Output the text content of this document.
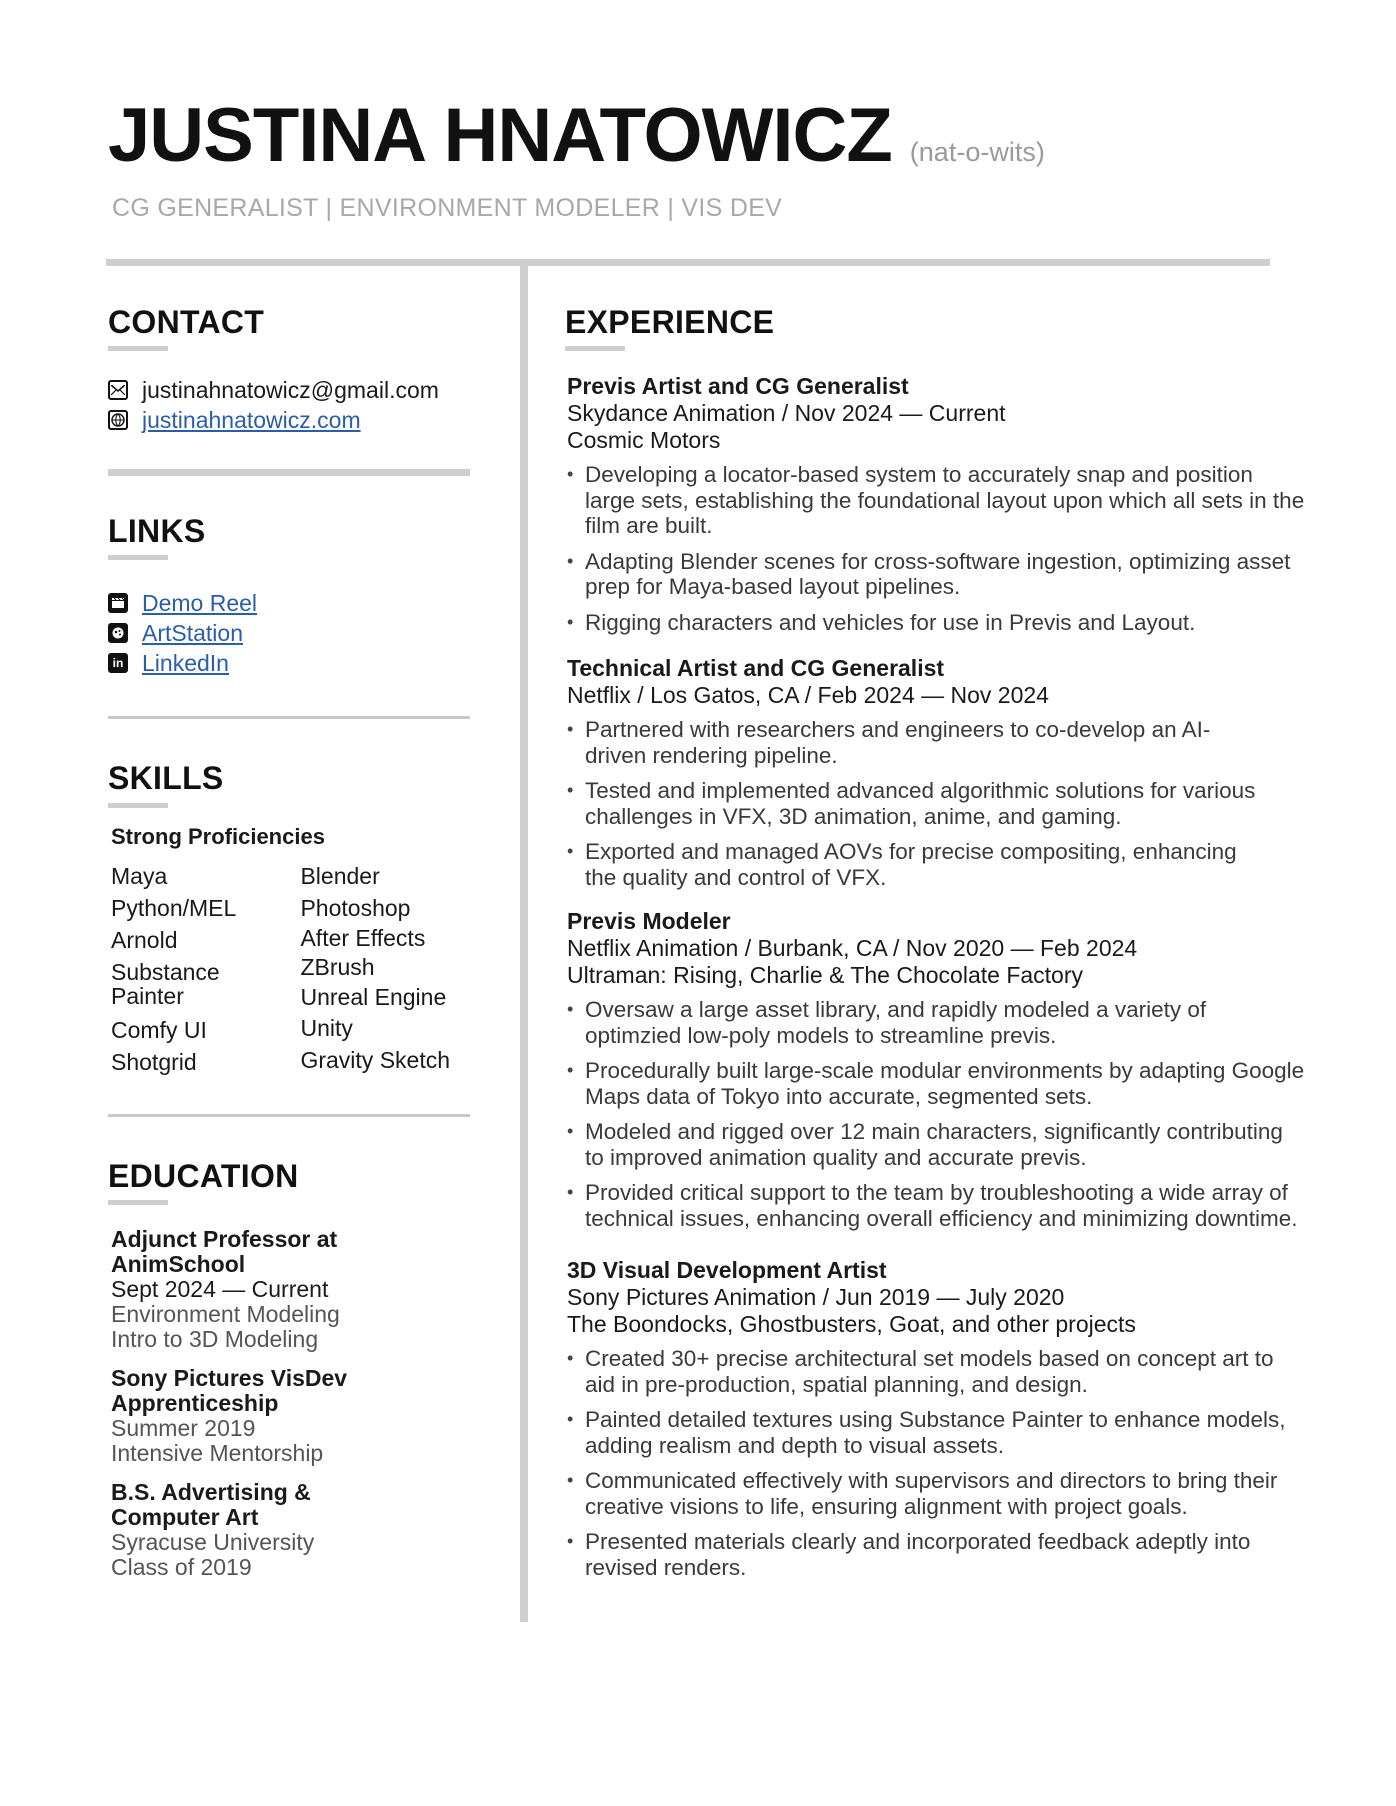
JUSTINA HNATOWICZ (nat-o-wits)
CG GENERALIST | ENVIRONMENT MODELER | VIS DEV
CONTACT
justinahnatowicz@gmail.com
justinahnatowicz.com
LINKS
Demo Reel
ArtStation
in LinkedIn
SKILLS
Strong Proficiencies
Maya
Python/MEL
Arnold
Substance Painter
Comfy UI
Shotgrid
Blender
Photoshop
After Effects
ZBrush
Unreal Engine
Unity
Gravity Sketch
EDUCATION
Adjunct Professor at AnimSchool
Sept 2024 — Current
Environment Modeling
Intro to 3D Modeling
Sony Pictures VisDev Apprenticeship
Summer 2019
Intensive Mentorship
B.S. Advertising & Computer Art
Syracuse University
Class of 2019
EXPERIENCE
Previs Artist and CG Generalist
Skydance Animation / Nov 2024 — Current
Cosmic Motors
• Developing a locator-based system to accurately snap and position large sets, establishing the foundational layout upon which all sets in the film are built.
• Adapting Blender scenes for cross-software ingestion, optimizing asset prep for Maya-based layout pipelines.
• Rigging characters and vehicles for use in Previs and Layout.
Technical Artist and CG Generalist
Netflix / Los Gatos, CA / Feb 2024 — Nov 2024
• Partnered with researchers and engineers to co-develop an AI-driven rendering pipeline.
• Tested and implemented advanced algorithmic solutions for various challenges in VFX, 3D animation, anime, and gaming.
• Exported and managed AOVs for precise compositing, enhancing the quality and control of VFX.
Previs Modeler
Netflix Animation / Burbank, CA / Nov 2020 — Feb 2024
Ultraman: Rising, Charlie & The Chocolate Factory
• Oversaw a large asset library, and rapidly modeled a variety of optimzied low-poly models to streamline previs.
• Procedurally built large-scale modular environments by adapting Google Maps data of Tokyo into accurate, segmented sets.
• Modeled and rigged over 12 main characters, significantly contributing to improved animation quality and accurate previs.
• Provided critical support to the team by troubleshooting a wide array of technical issues, enhancing overall efficiency and minimizing downtime.
3D Visual Development Artist
Sony Pictures Animation / Jun 2019 — July 2020
The Boondocks, Ghostbusters, Goat, and other projects
• Created 30+ precise architectural set models based on concept art to aid in pre-production, spatial planning, and design.
• Painted detailed textures using Substance Painter to enhance models, adding realism and depth to visual assets.
• Communicated effectively with supervisors and directors to bring their creative visions to life, ensuring alignment with project goals.
• Presented materials clearly and incorporated feedback adeptly into revised renders.
